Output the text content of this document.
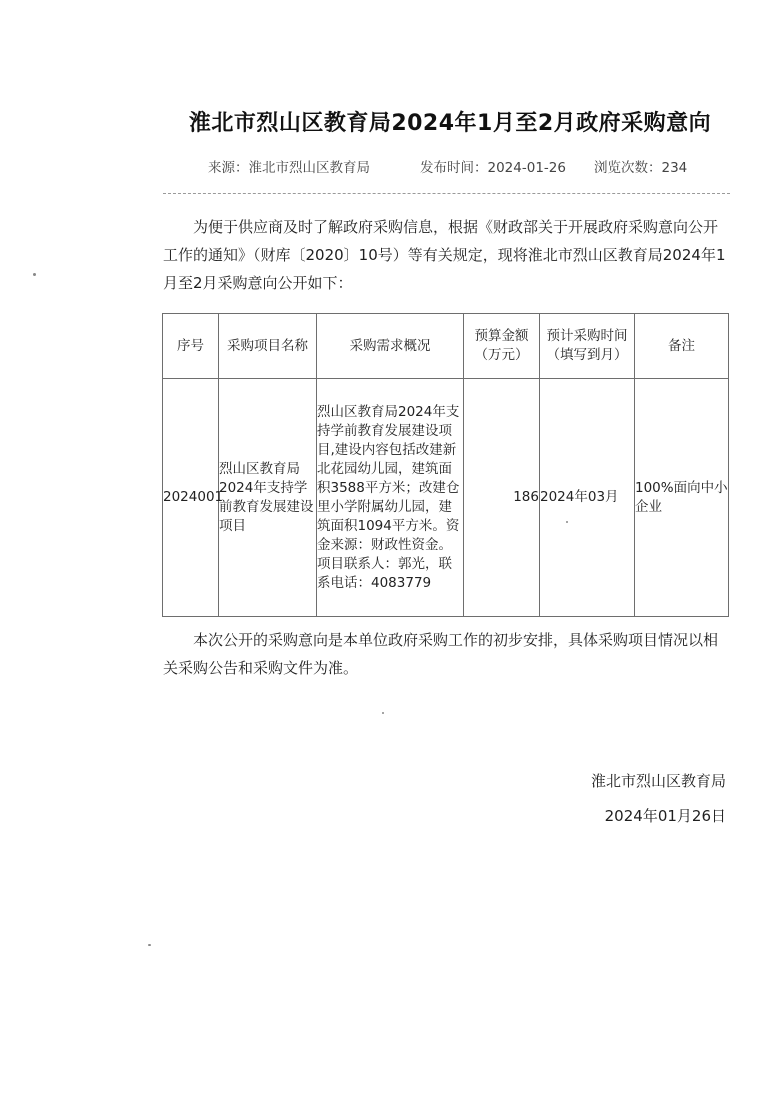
淮北市烈山区教育局2024年1月至2月政府采购意向
来源：淮北市烈山区教育局	发布时间：2024-01-26 浏览次数：234

为便于供应商及时了解政府采购信息，根据《财政部关于开展政府采购意向公开工作的通知》（财库〔2020〕10号）等有关规定，现将淮北市烈山区教育局2024年1月至2月采购意向公开如下：

序号	采购项目名称	采购需求概况	预算金额（万元）	预计采购时间（填写到月）	备注
2024001	烈山区教育局2024年支持学前教育发展建设项目	烈山区教育局2024年支持学前教育发展建设项目,建设内容包括改建新北花园幼儿园，建筑面积3588平方米；改建仓里小学附属幼儿园，建筑面积1094平方米。资金来源：财政性资金。项目联系人：郭光，联系电话：4083779	186	2024年03月	100%面向中小企业

本次公开的采购意向是本单位政府采购工作的初步安排，具体采购项目情况以相关采购公告和采购文件为准。

淮北市烈山区教育局
2024年01月26日
